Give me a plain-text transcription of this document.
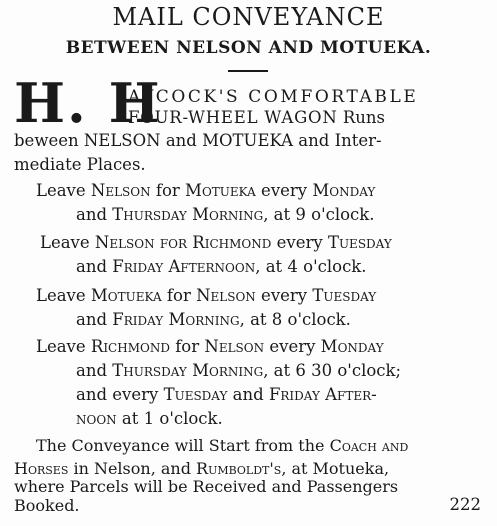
MAIL CONVEYANCE
BETWEEN NELSON AND MOTUEKA.
H. H
AYCOCK'S COMFORTABLE
FOUR-WHEEL WAGON Runs
beween NELSON and MOTUEKA and Inter-
mediate Places.
Leave Nelson for Motueka every Monday
and Thursday Morning, at 9 o'clock.
Leave Nelson for Richmond every Tuesday
and Friday Afternoon, at 4 o'clock.
Leave Motueka for Nelson every Tuesday
and Friday Morning, at 8 o'clock.
Leave Richmond for Nelson every Monday
and Thursday Morning, at 6 30 o'clock;
and every Tuesday and Friday After-
noon at 1 o'clock.
The Conveyance will Start from the Coach and
Horses in Nelson, and Rumboldt's, at Motueka,
where Parcels will be Received and Passengers
Booked.	222
